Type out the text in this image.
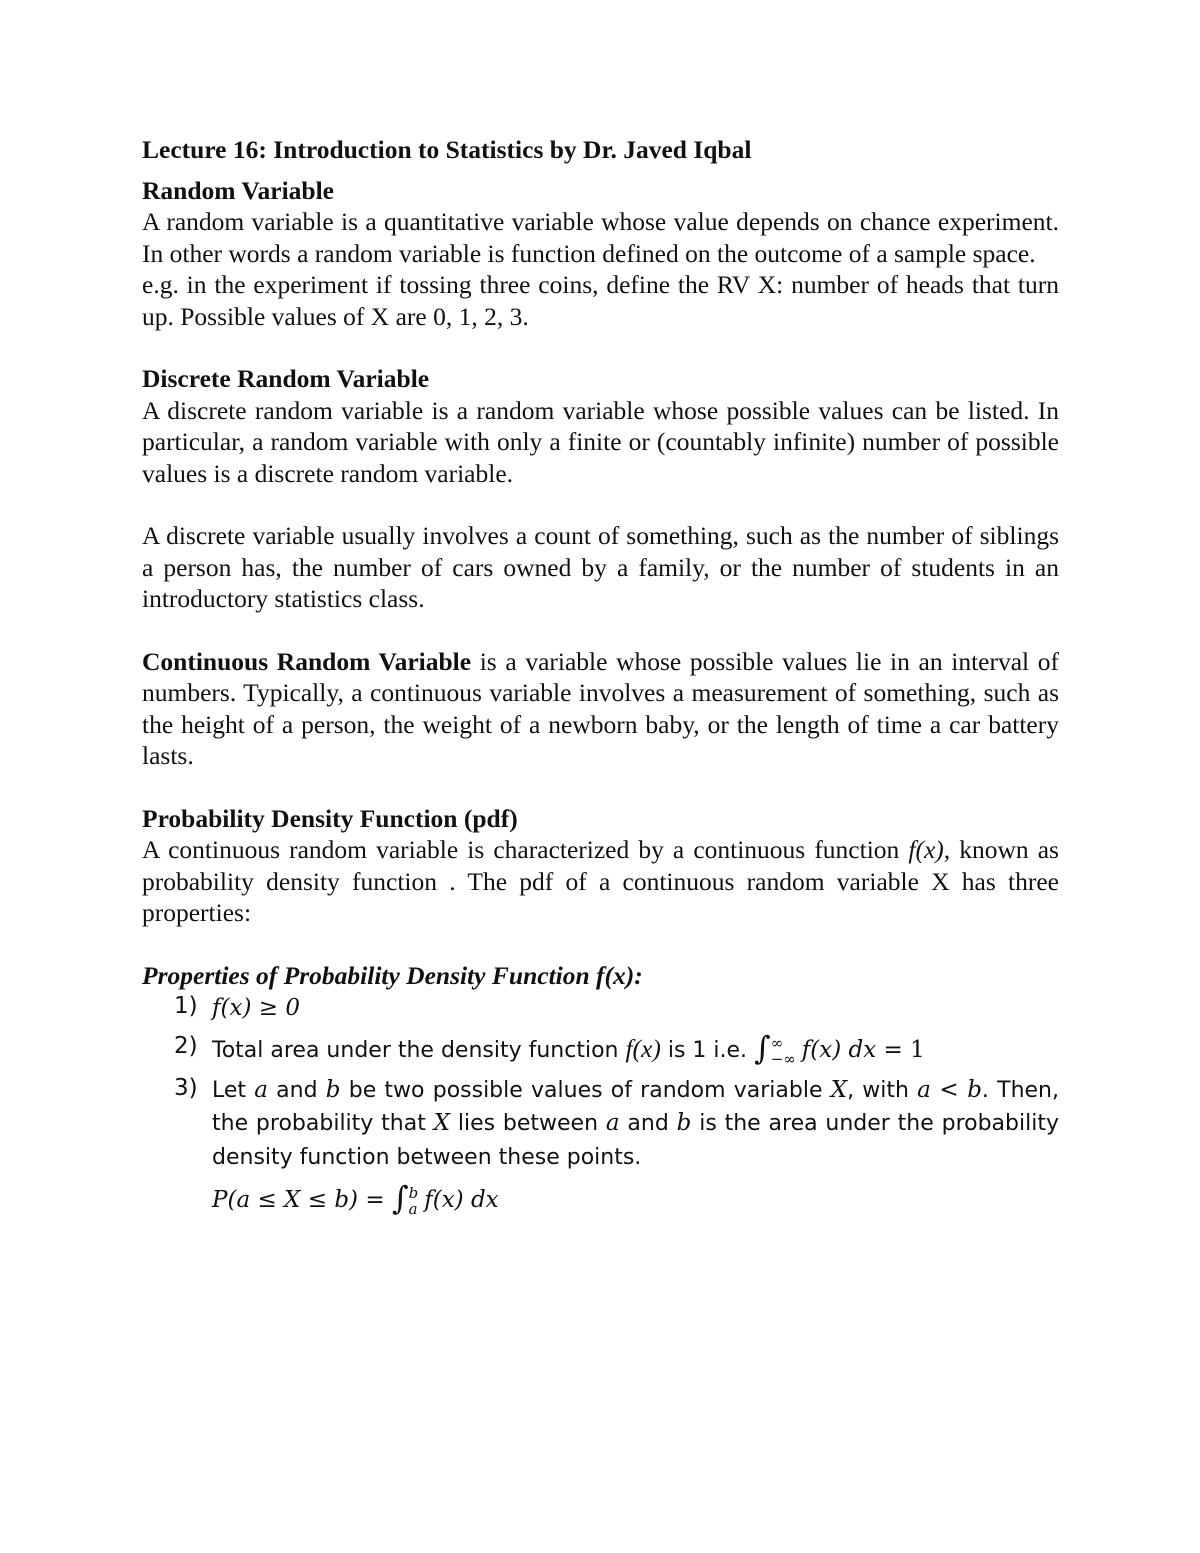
Lecture 16: Introduction to Statistics by Dr. Javed Iqbal

Random Variable

A random variable is a quantitative variable whose value depends on chance experiment. In other words a random variable is function defined on the outcome of a sample space.

e.g. in the experiment if tossing three coins, define the RV X: number of heads that turn up. Possible values of X are 0, 1, 2, 3.

Discrete Random Variable

A discrete random variable is a random variable whose possible values can be listed. In particular, a random variable with only a finite or (countably infinite) number of possible values is a discrete random variable.

A discrete variable usually involves a count of something, such as the number of siblings a person has, the number of cars owned by a family, or the number of students in an introductory statistics class.

Continuous Random Variable is a variable whose possible values lie in an interval of numbers. Typically, a continuous variable involves a measurement of something, such as the height of a person, the weight of a newborn baby, or the length of time a car battery lasts.

Probability Density Function (pdf)

A continuous random variable is characterized by a continuous function f(x), known as probability density function . The pdf of a continuous random variable X has three properties:

Properties of Probability Density Function f(x):

1) f(x) ≥ 0
2) Total area under the density function f(x) is 1 i.e. ∫ ∞
−∞ f(x) dx = 1
3) Let a and b be two possible values of random variable X, with a < b. Then, the probability that X lies between a and b is the area under the probability density function between these points.
P(a ≤ X ≤ b) = ∫ b
a f(x) dx
